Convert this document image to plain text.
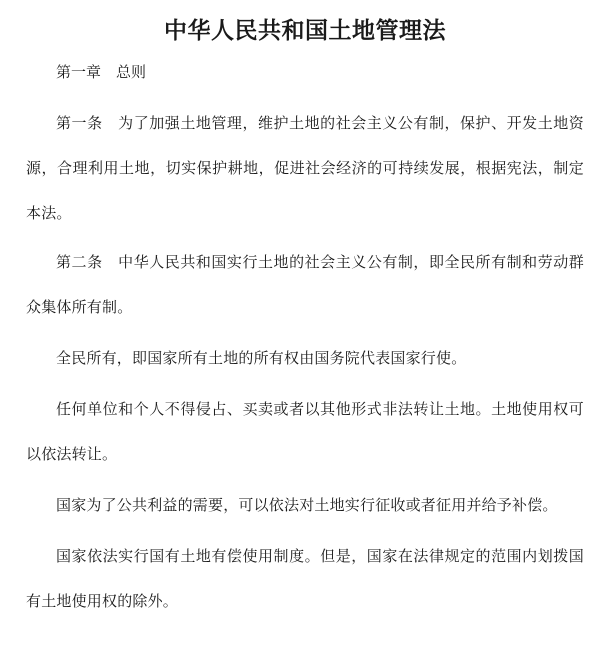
中华人民共和国土地管理法
第一章　总则

第一条　为了加强土地管理，维护土地的社会主义公有制，保护、开发土地资源，合理利用土地，切实保护耕地，促进社会经济的可持续发展，根据宪法，制定本法。

第二条　中华人民共和国实行土地的社会主义公有制，即全民所有制和劳动群众集体所有制。

全民所有，即国家所有土地的所有权由国务院代表国家行使。

任何单位和个人不得侵占、买卖或者以其他形式非法转让土地。土地使用权可以依法转让。

国家为了公共利益的需要，可以依法对土地实行征收或者征用并给予补偿。

国家依法实行国有土地有偿使用制度。但是，国家在法律规定的范围内划拨国有土地使用权的除外。
